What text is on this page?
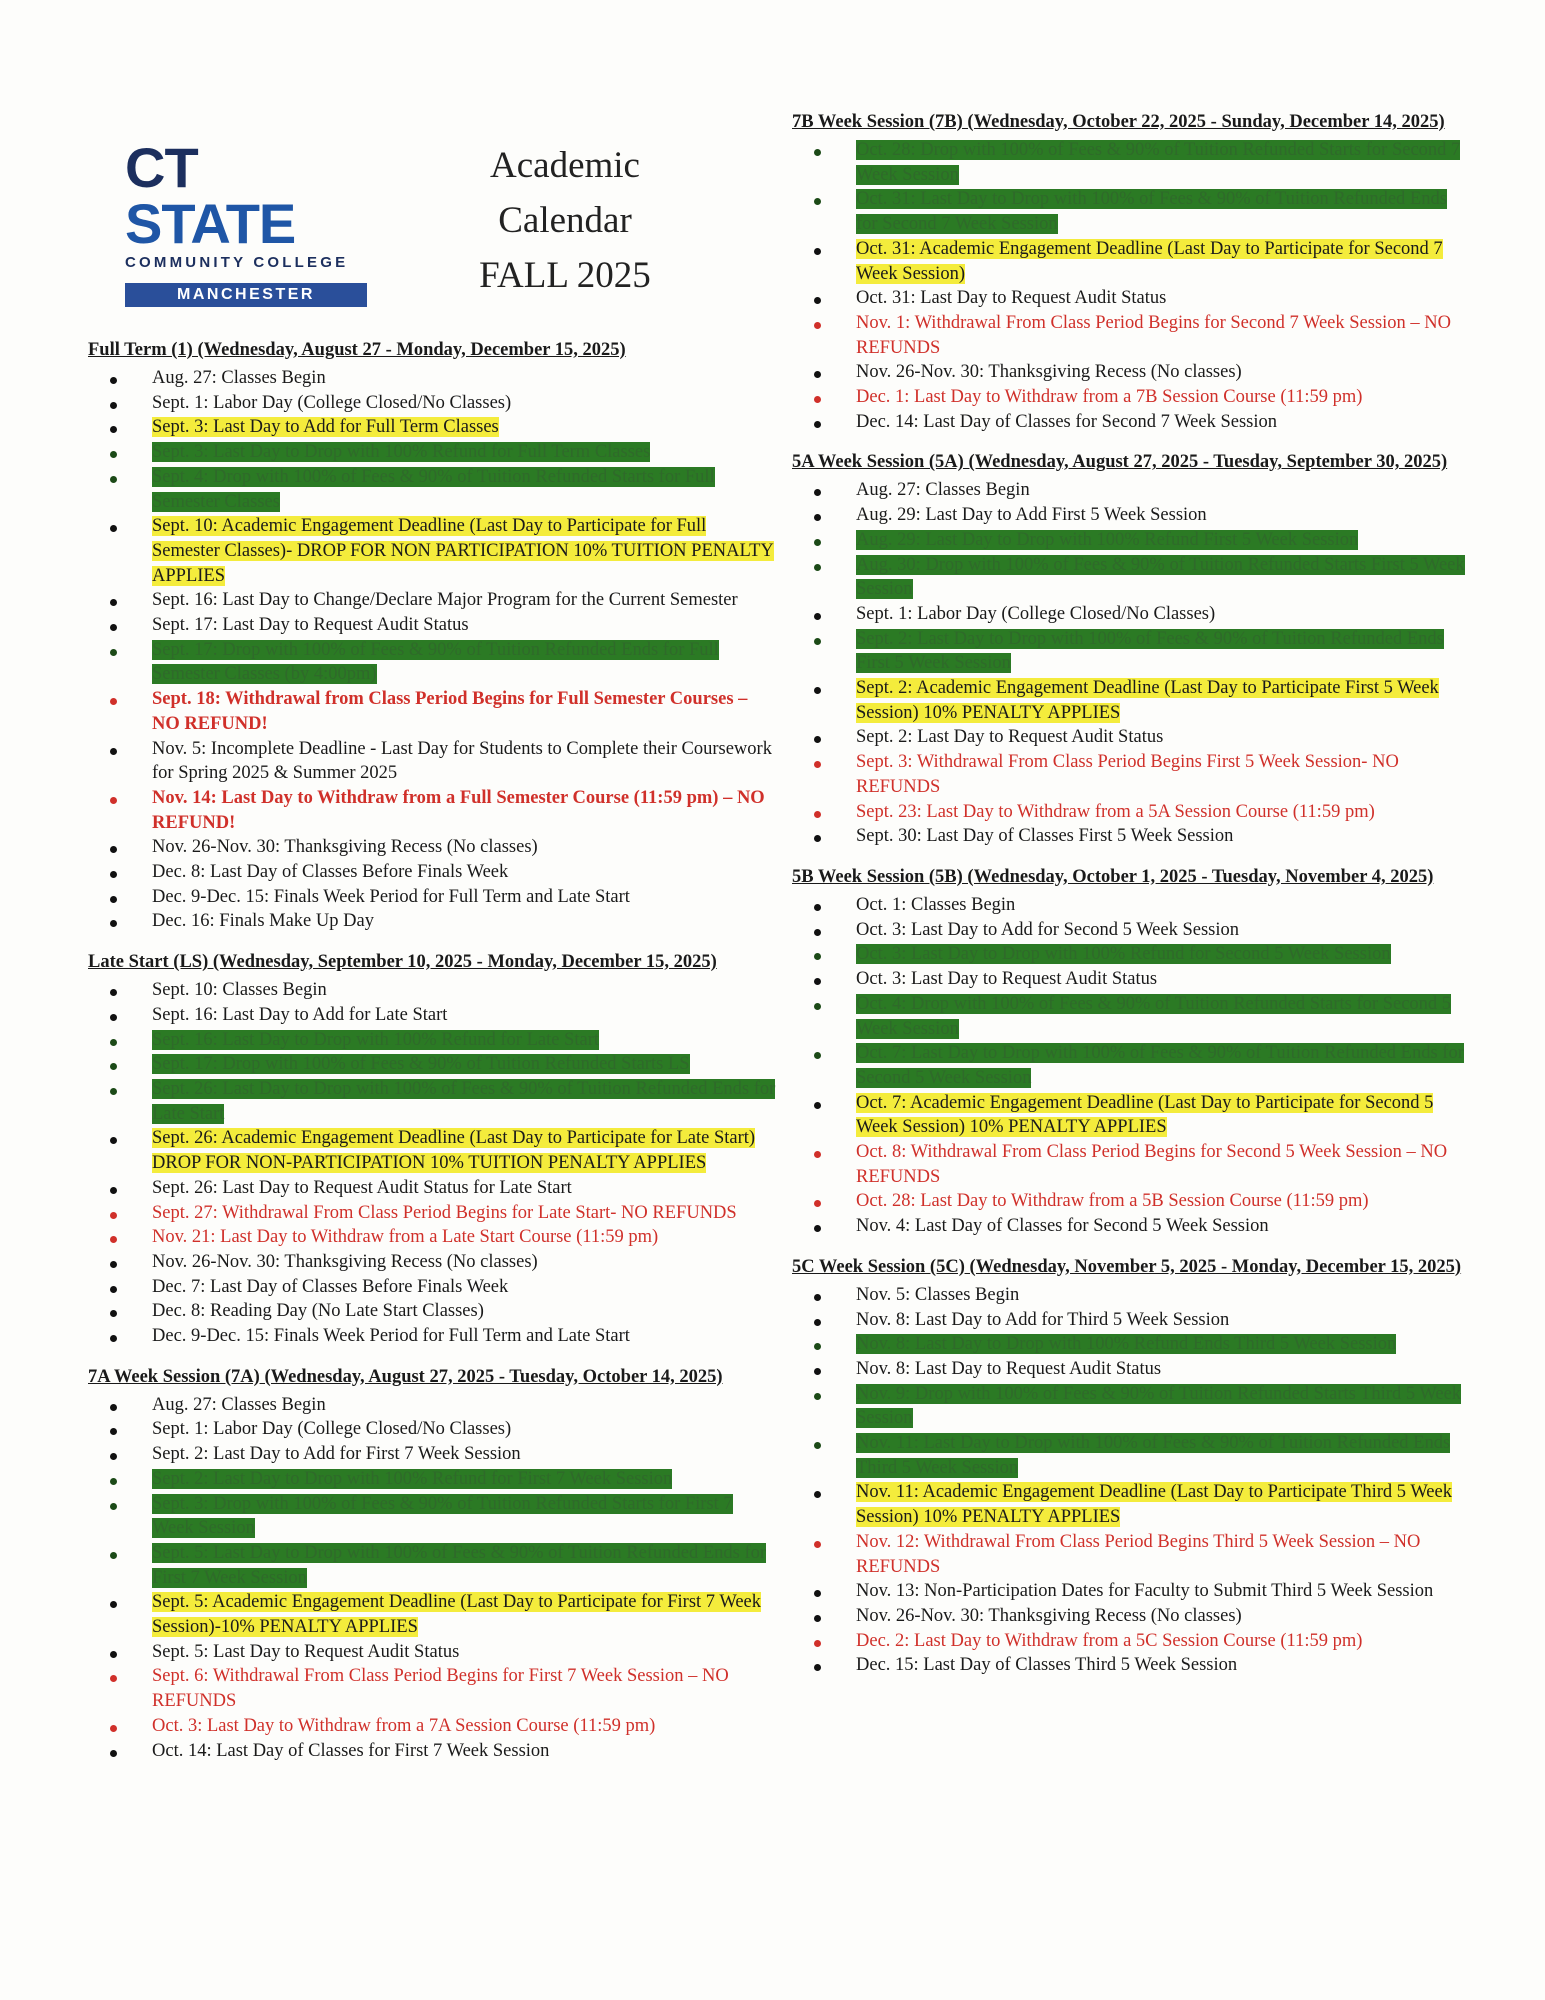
CT STATE
COMMUNITY COLLEGE
MANCHESTER
Academic
Calendar
FALL 2025
Full Term (1) (Wednesday, August 27 - Monday, December 15, 2025)
Aug. 27: Classes Begin
Sept. 1: Labor Day (College Closed/No Classes)
Sept. 3: Last Day to Add for Full Term Classes
Sept. 3: Last Day to Drop with 100% Refund for Full Term Classes
Sept. 4: Drop with 100% of Fees & 90% of Tuition Refunded Starts for Full Semester Classes
Sept. 10: Academic Engagement Deadline (Last Day to Participate for Full Semester Classes)- DROP FOR NON PARTICIPATION 10% TUITION PENALTY APPLIES
Sept. 16: Last Day to Change/Declare Major Program for the Current Semester
Sept. 17: Last Day to Request Audit Status
Sept. 17: Drop with 100% of Fees & 90% of Tuition Refunded Ends for Full Semester Classes (by 4:00pm)
Sept. 18: Withdrawal from Class Period Begins for Full Semester Courses – NO REFUND!
Nov. 5: Incomplete Deadline - Last Day for Students to Complete their Coursework for Spring 2025 & Summer 2025
Nov. 14: Last Day to Withdraw from a Full Semester Course (11:59 pm) – NO REFUND!
Nov. 26-Nov. 30: Thanksgiving Recess (No classes)
Dec. 8: Last Day of Classes Before Finals Week
Dec. 9-Dec. 15: Finals Week Period for Full Term and Late Start
Dec. 16: Finals Make Up Day
Late Start (LS) (Wednesday, September 10, 2025 - Monday, December 15, 2025)
Sept. 10: Classes Begin
Sept. 16: Last Day to Add for Late Start
Sept. 16: Last Day to Drop with 100% Refund for Late Start
Sept. 17: Drop with 100% of Fees & 90% of Tuition Refunded Starts LS
Sept. 26: Last Day to Drop with 100% of Fees & 90% of Tuition Refunded Ends for Late Start
Sept. 26: Academic Engagement Deadline (Last Day to Participate for Late Start) DROP FOR NON-PARTICIPATION 10% TUITION PENALTY APPLIES
Sept. 26: Last Day to Request Audit Status for Late Start
Sept. 27: Withdrawal From Class Period Begins for Late Start- NO REFUNDS
Nov. 21: Last Day to Withdraw from a Late Start Course (11:59 pm)
Nov. 26-Nov. 30: Thanksgiving Recess (No classes)
Dec. 7: Last Day of Classes Before Finals Week
Dec. 8: Reading Day (No Late Start Classes)
Dec. 9-Dec. 15: Finals Week Period for Full Term and Late Start
7A Week Session (7A) (Wednesday, August 27, 2025 - Tuesday, October 14, 2025)
Aug. 27: Classes Begin
Sept. 1: Labor Day (College Closed/No Classes)
Sept. 2: Last Day to Add for First 7 Week Session
Sept. 2: Last Day to Drop with 100% Refund for First 7 Week Session
Sept. 3: Drop with 100% of Fees & 90% of Tuition Refunded Starts for First 7 Week Session
Sept. 5: Last Day to Drop with 100% of Fees & 90% of Tuition Refunded Ends for First 7 Week Session
Sept. 5: Academic Engagement Deadline (Last Day to Participate for First 7 Week Session)-10% PENALTY APPLIES
Sept. 5: Last Day to Request Audit Status
Sept. 6: Withdrawal From Class Period Begins for First 7 Week Session – NO REFUNDS
Oct. 3: Last Day to Withdraw from a 7A Session Course (11:59 pm)
Oct. 14: Last Day of Classes for First 7 Week Session
7B Week Session (7B) (Wednesday, October 22, 2025 - Sunday, December 14, 2025)
Oct. 28: Drop with 100% of Fees & 90% of Tuition Refunded Starts for Second 7 Week Session
Oct. 31: Last Day to Drop with 100% of Fees & 90% of Tuition Refunded Ends for Second 7 Week Session
Oct. 31: Academic Engagement Deadline (Last Day to Participate for Second 7 Week Session)
Oct. 31: Last Day to Request Audit Status
Nov. 1: Withdrawal From Class Period Begins for Second 7 Week Session – NO REFUNDS
Nov. 26-Nov. 30: Thanksgiving Recess (No classes)
Dec. 1: Last Day to Withdraw from a 7B Session Course (11:59 pm)
Dec. 14: Last Day of Classes for Second 7 Week Session
5A Week Session (5A) (Wednesday, August 27, 2025 - Tuesday, September 30, 2025)
Aug. 27: Classes Begin
Aug. 29: Last Day to Add First 5 Week Session
Aug. 29: Last Day to Drop with 100% Refund First 5 Week Session
Aug. 30: Drop with 100% of Fees & 90% of Tuition Refunded Starts First 5 Week Session
Sept. 1: Labor Day (College Closed/No Classes)
Sept. 2: Last Day to Drop with 100% of Fees & 90% of Tuition Refunded Ends First 5 Week Session
Sept. 2: Academic Engagement Deadline (Last Day to Participate First 5 Week Session) 10% PENALTY APPLIES
Sept. 2: Last Day to Request Audit Status
Sept. 3: Withdrawal From Class Period Begins First 5 Week Session- NO REFUNDS
Sept. 23: Last Day to Withdraw from a 5A Session Course (11:59 pm)
Sept. 30: Last Day of Classes First 5 Week Session
5B Week Session (5B) (Wednesday, October 1, 2025 - Tuesday, November 4, 2025)
Oct. 1: Classes Begin
Oct. 3: Last Day to Add for Second 5 Week Session
Oct. 3: Last Day to Drop with 100% Refund for Second 5 Week Session
Oct. 3: Last Day to Request Audit Status
Oct. 4: Drop with 100% of Fees & 90% of Tuition Refunded Starts for Second 5 Week Session
Oct. 7: Last Day to Drop with 100% of Fees & 90% of Tuition Refunded Ends for Second 5 Week Session
Oct. 7: Academic Engagement Deadline (Last Day to Participate for Second 5 Week Session) 10% PENALTY APPLIES
Oct. 8: Withdrawal From Class Period Begins for Second 5 Week Session – NO REFUNDS
Oct. 28: Last Day to Withdraw from a 5B Session Course (11:59 pm)
Nov. 4: Last Day of Classes for Second 5 Week Session
5C Week Session (5C) (Wednesday, November 5, 2025 - Monday, December 15, 2025)
Nov. 5: Classes Begin
Nov. 8: Last Day to Add for Third 5 Week Session
Nov. 8: Last Day to Drop with 100% Refund Ends Third 5 Week Session
Nov. 8: Last Day to Request Audit Status
Nov. 9: Drop with 100% of Fees & 90% of Tuition Refunded Starts Third 5 Week Session
Nov. 11: Last Day to Drop with 100% of Fees & 90% of Tuition Refunded Ends Third 5 Week Session
Nov. 11: Academic Engagement Deadline (Last Day to Participate Third 5 Week Session) 10% PENALTY APPLIES
Nov. 12: Withdrawal From Class Period Begins Third 5 Week Session – NO REFUNDS
Nov. 13: Non-Participation Dates for Faculty to Submit Third 5 Week Session
Nov. 26-Nov. 30: Thanksgiving Recess (No classes)
Dec. 2: Last Day to Withdraw from a 5C Session Course (11:59 pm)
Dec. 15: Last Day of Classes Third 5 Week Session
